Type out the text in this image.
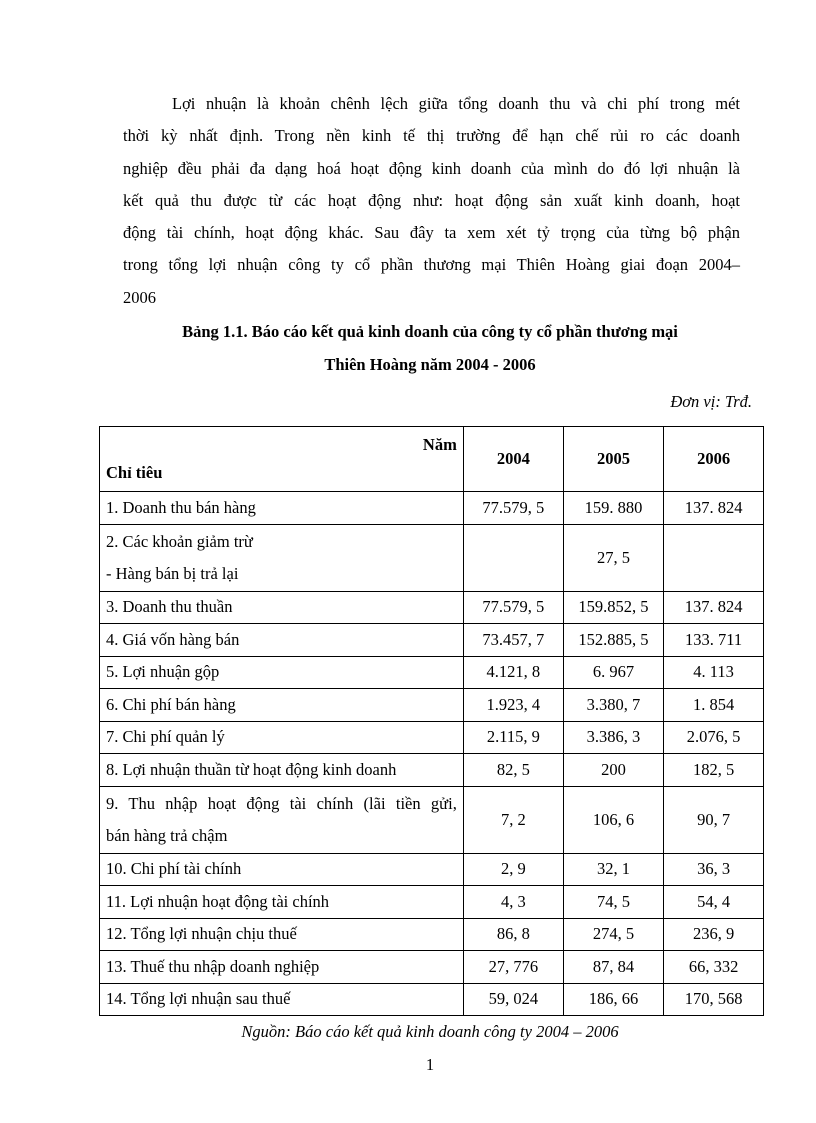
Lợi nhuận là khoản chênh lệch giữa tổng doanh thu và chi phí trong mét
thời kỳ nhất định. Trong nền kinh tế thị trường để hạn chế rủi ro các doanh
nghiệp đều phải đa dạng hoá hoạt động kinh doanh của mình do đó lợi nhuận là
kết quả thu được từ các hoạt động như: hoạt động sản xuất kinh doanh, hoạt
động tài chính, hoạt động khác. Sau đây ta xem xét tỷ trọng của từng bộ phận
trong tổng lợi nhuận công ty cổ phần thương mại Thiên Hoàng giai đoạn 2004–
2006

Bảng 1.1. Báo cáo kết quả kinh doanh của công ty cổ phần thương mại

Thiên Hoàng năm 2004 - 2006

Đơn vị: Trđ.

Năm
Chỉ tiêu	2004	2005	2006
1. Doanh thu bán hàng	77.579, 5	159. 880	137. 824

2. Các khoản giảm trừ
- Hàng bán bị trả lại		27, 5	
3. Doanh thu thuần	77.579, 5	159.852, 5	137. 824
4. Giá vốn hàng bán	73.457, 7	152.885, 5	133. 711
5. Lợi nhuận gộp	4.121, 8	6. 967	4. 113
6. Chi phí bán hàng	1.923, 4	3.380, 7	1. 854
7. Chi phí quản lý	2.115, 9	3.386, 3	2.076, 5
8. Lợi nhuận thuần từ hoạt động kinh doanh	82, 5	200	182, 5

9. Thu nhập hoạt động tài chính (lãi tiền gửi,
bán hàng trả chậm	7, 2	106, 6	90, 7
10. Chi phí tài chính	2, 9	32, 1	36, 3
11. Lợi nhuận hoạt động tài chính	4, 3	74, 5	54, 4
12. Tổng lợi nhuận chịu thuế	86, 8	274, 5	236, 9
13. Thuế thu nhập doanh nghiệp	27, 776	87, 84	66, 332
14. Tổng lợi nhuận sau thuế	59, 024	186, 66	170, 568

Nguồn: Báo cáo kết quả kinh doanh công ty 2004 – 2006

1
